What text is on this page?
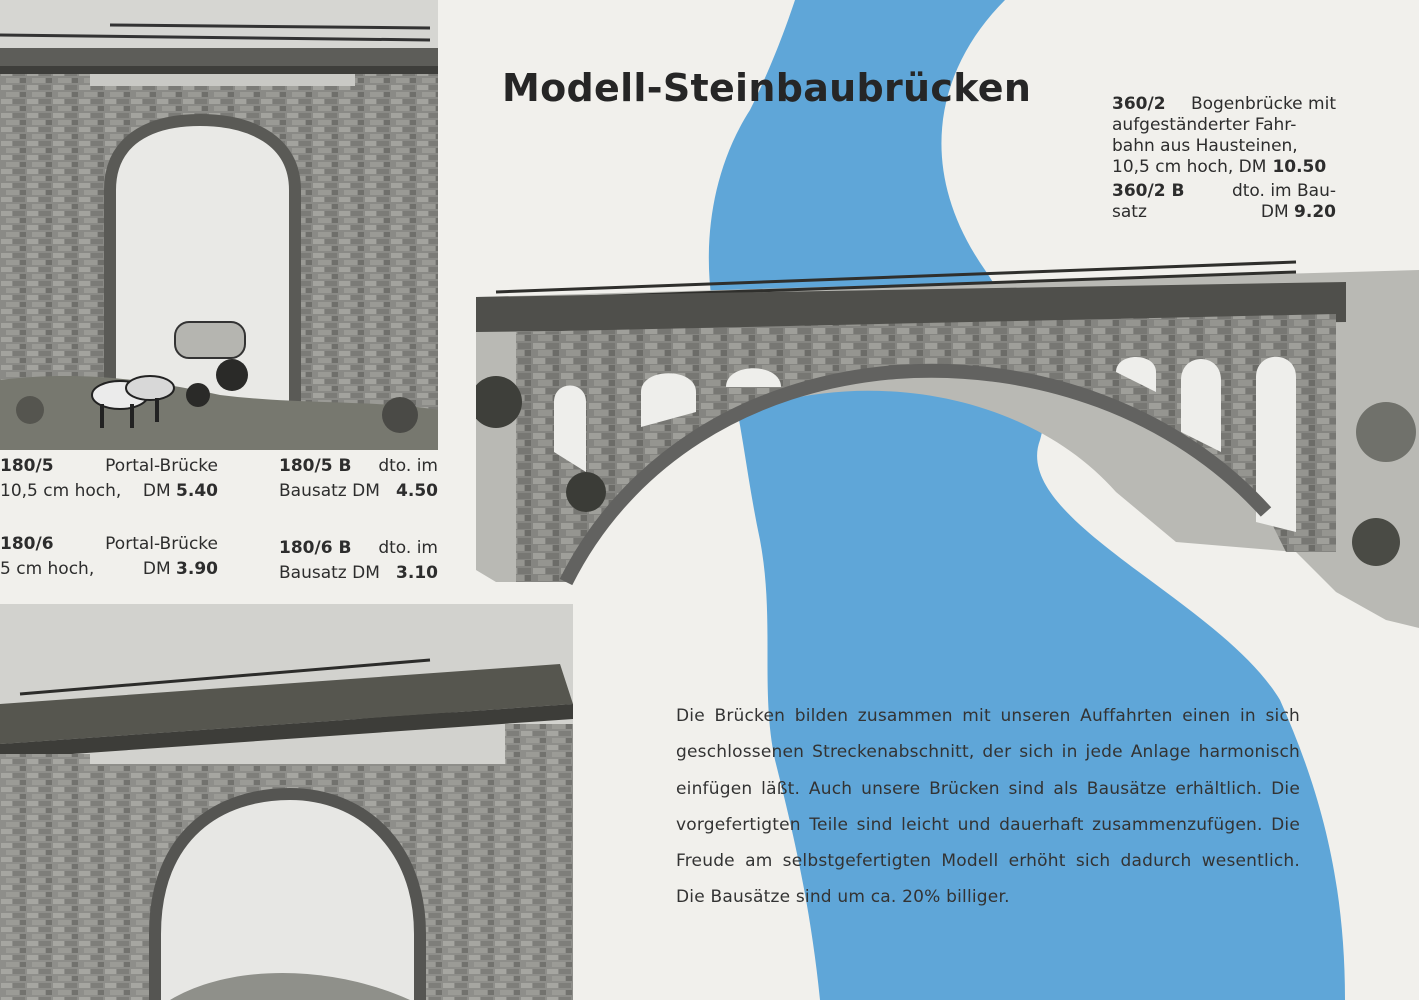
Modell-Steinbaubrücken	360/2 Bogenbrücke mit
aufgeständerter Fahr-
bahn aus Hausteinen,
10,5 cm hoch, DM 10.50
360/2 B	dto. im Bau-
satz	DM 9.20
180/5	Portal-Brücke
10,5 cm hoch, DM 5.40
180/5 B dto. im
Bausatz DM 4.50
180/6	Portal-Brücke
5 cm hoch,	DM 3.90
180/6 B dto. im
Bausatz DM 3.10

Die Brücken bilden zusammen mit unseren Auffahrten einen in sich geschlossenen Streckenabschnitt, der sich in jede Anlage harmonisch einfügen läßt. Auch unsere Brücken sind als Bausätze erhältlich. Die vorgefertigten Teile sind leicht und dauerhaft zusammenzufügen. Die Freude am selbstgefertigten Modell erhöht sich dadurch wesentlich. Die Bausätze sind um ca. 20% billiger.
